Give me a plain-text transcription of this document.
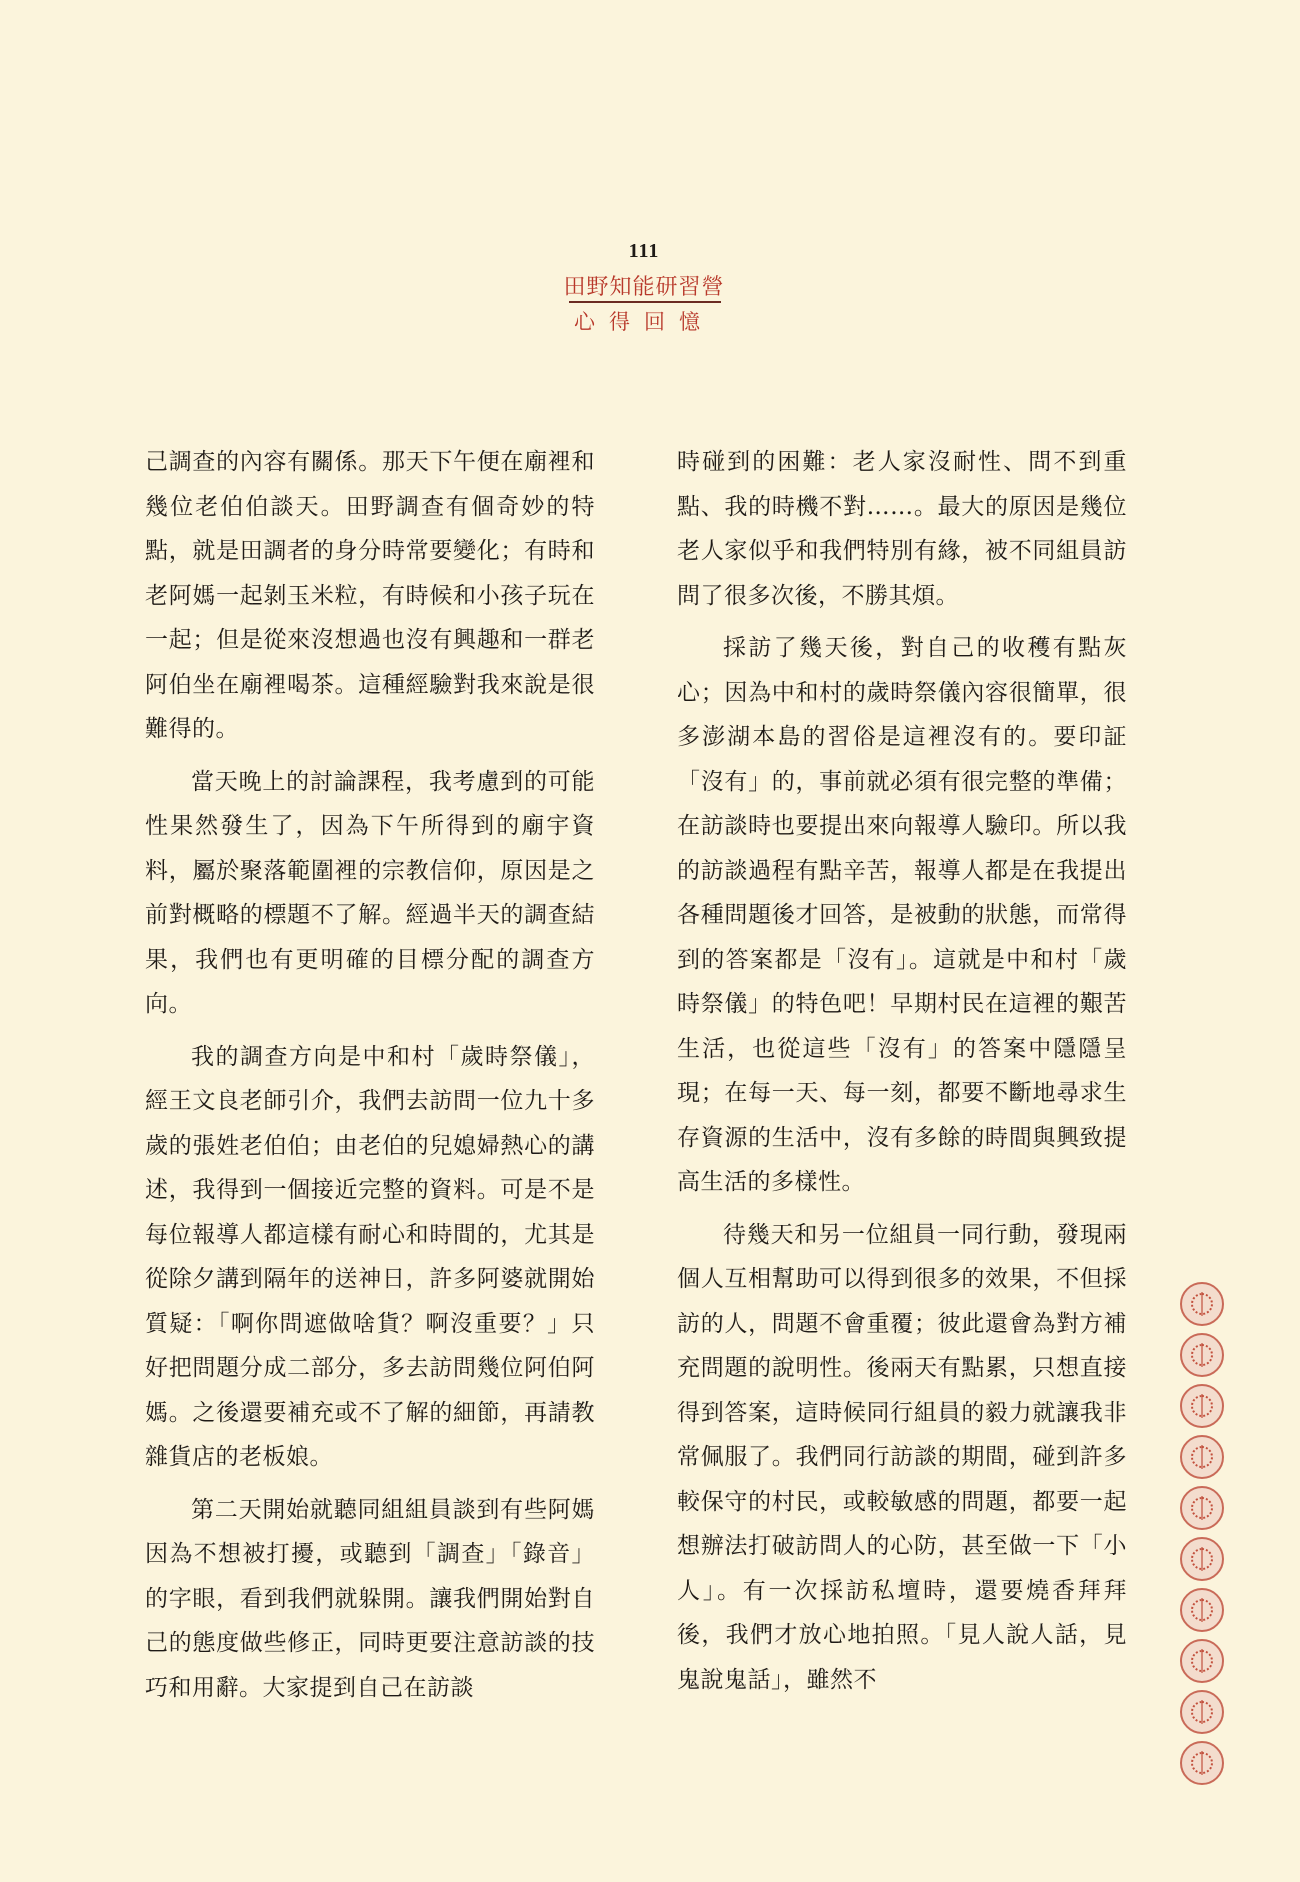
111
田野知能研習營
心得回憶

己調查的內容有關係。那天下午便在廟裡和幾位老伯伯談天。田野調查有個奇妙的特點，就是田調者的身分時常要變化；有時和老阿媽一起剝玉米粒，有時候和小孩子玩在一起；但是從來沒想過也沒有興趣和一群老阿伯坐在廟裡喝茶。這種經驗對我來說是很難得的。

當天晚上的討論課程，我考慮到的可能性果然發生了，因為下午所得到的廟宇資料，屬於聚落範圍裡的宗教信仰，原因是之前對概略的標題不了解。經過半天的調查結果，我們也有更明確的目標分配的調查方向。

我的調查方向是中和村「歲時祭儀」，經王文良老師引介，我們去訪問一位九十多歲的張姓老伯伯；由老伯的兒媳婦熱心的講述，我得到一個接近完整的資料。可是不是每位報導人都這樣有耐心和時間的，尤其是從除夕講到隔年的送神日，許多阿婆就開始質疑：「啊你問遮做啥貨？啊沒重要？」只好把問題分成二部分，多去訪問幾位阿伯阿媽。之後還要補充或不了解的細節，再請教雜貨店的老板娘。

第二天開始就聽同組組員談到有些阿媽因為不想被打擾，或聽到「調查」「錄音」的字眼，看到我們就躲開。讓我們開始對自己的態度做些修正，同時更要注意訪談的技巧和用辭。大家提到自己在訪談

時碰到的困難：老人家沒耐性、問不到重點、我的時機不對……。最大的原因是幾位老人家似乎和我們特別有緣，被不同組員訪問了很多次後，不勝其煩。

採訪了幾天後，對自己的收穫有點灰心；因為中和村的歲時祭儀內容很簡單，很多澎湖本島的習俗是這裡沒有的。要印証「沒有」的，事前就必須有很完整的準備；在訪談時也要提出來向報導人驗印。所以我的訪談過程有點辛苦，報導人都是在我提出各種問題後才回答，是被動的狀態，而常得到的答案都是「沒有」。這就是中和村「歲時祭儀」的特色吧！早期村民在這裡的艱苦生活，也從這些「沒有」的答案中隱隱呈現；在每一天、每一刻，都要不斷地尋求生存資源的生活中，沒有多餘的時間與興致提高生活的多樣性。

待幾天和另一位組員一同行動，發現兩個人互相幫助可以得到很多的效果，不但採訪的人，問題不會重覆；彼此還會為對方補充問題的說明性。後兩天有點累，只想直接得到答案，這時候同行組員的毅力就讓我非常佩服了。我們同行訪談的期間，碰到許多較保守的村民，或較敏感的問題，都要一起想辦法打破訪問人的心防，甚至做一下「小人」。有一次採訪私壇時，還要燒香拜拜後，我們才放心地拍照。「見人說人話，見鬼說鬼話」，雖然不
